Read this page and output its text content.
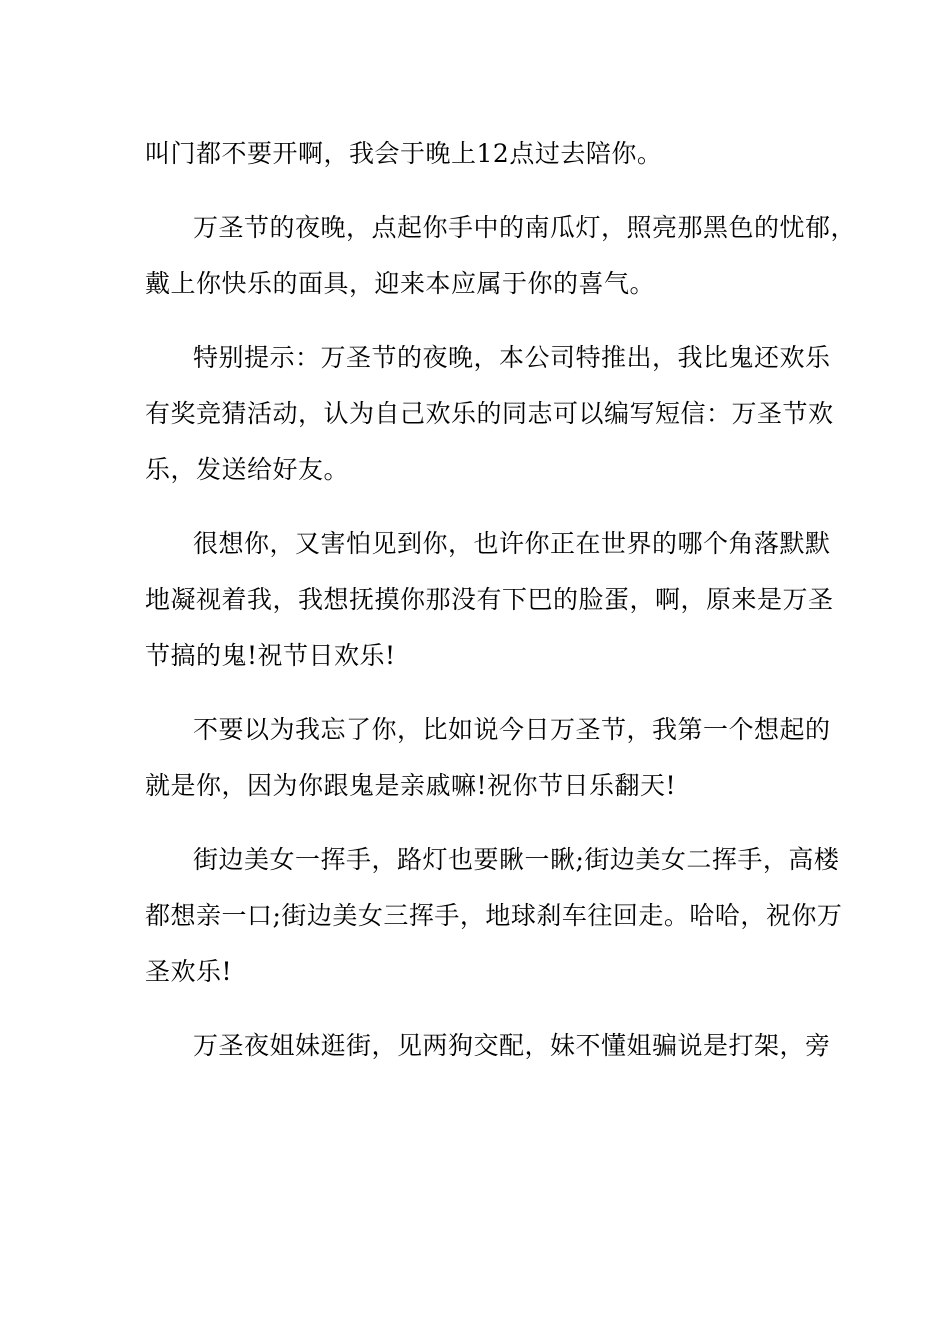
叫门都不要开啊，我会于晚上12点过去陪你。
万圣节的夜晚，点起你手中的南瓜灯，照亮那黑色的忧郁，
戴上你快乐的面具，迎来本应属于你的喜气。
特别提示：万圣节的夜晚，本公司特推出，我比鬼还欢乐
有奖竞猜活动，认为自己欢乐的同志可以编写短信：万圣节欢
乐，发送给好友。
很想你，又害怕见到你，也许你正在世界的哪个角落默默
地凝视着我，我想抚摸你那没有下巴的脸蛋，啊，原来是万圣
节搞的鬼!祝节日欢乐!
不要以为我忘了你，比如说今日万圣节，我第一个想起的
就是你，因为你跟鬼是亲戚嘛!祝你节日乐翻天!
街边美女一挥手，路灯也要瞅一瞅;街边美女二挥手，高楼
都想亲一口;街边美女三挥手，地球刹车往回走。哈哈，祝你万
圣欢乐!
万圣夜姐妹逛街，见两狗交配，妹不懂姐骗说是打架，旁
